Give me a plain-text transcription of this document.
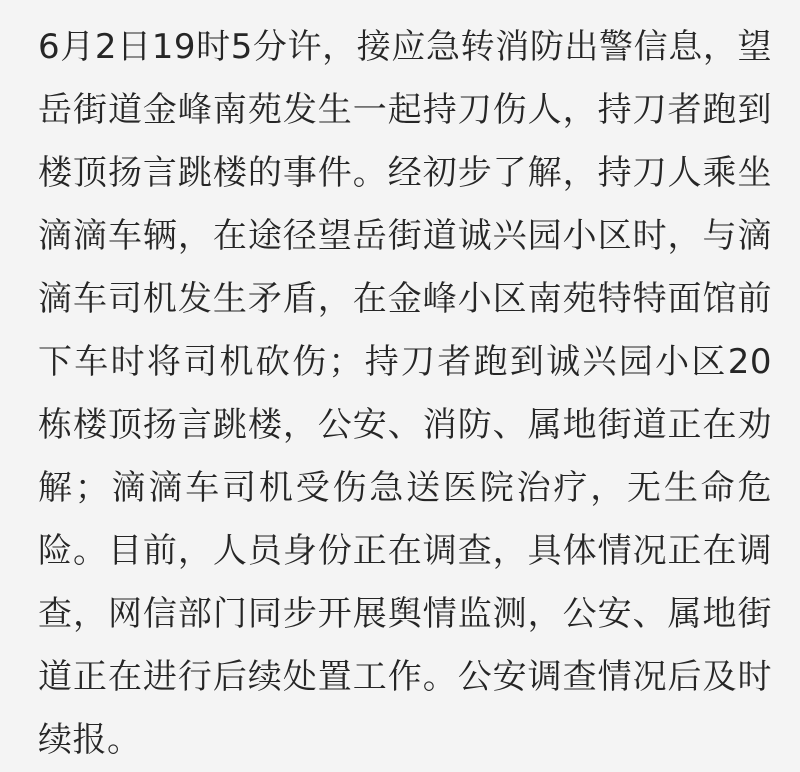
6月2日19时5分许，接应急转消防出警信息，望岳街道金峰南苑发生一起持刀伤人，持刀者跑到楼顶扬言跳楼的事件。经初步了解，持刀人乘坐滴滴车辆，在途径望岳街道诚兴园小区时，与滴滴车司机发生矛盾，在金峰小区南苑特特面馆前下车时将司机砍伤；持刀者跑到诚兴园小区20栋楼顶扬言跳楼，公安、消防、属地街道正在劝解；滴滴车司机受伤急送医院治疗，无生命危险。目前，人员身份正在调查，具体情况正在调查，网信部门同步开展舆情监测，公安、属地街道正在进行后续处置工作。公安调查情况后及时续报。
